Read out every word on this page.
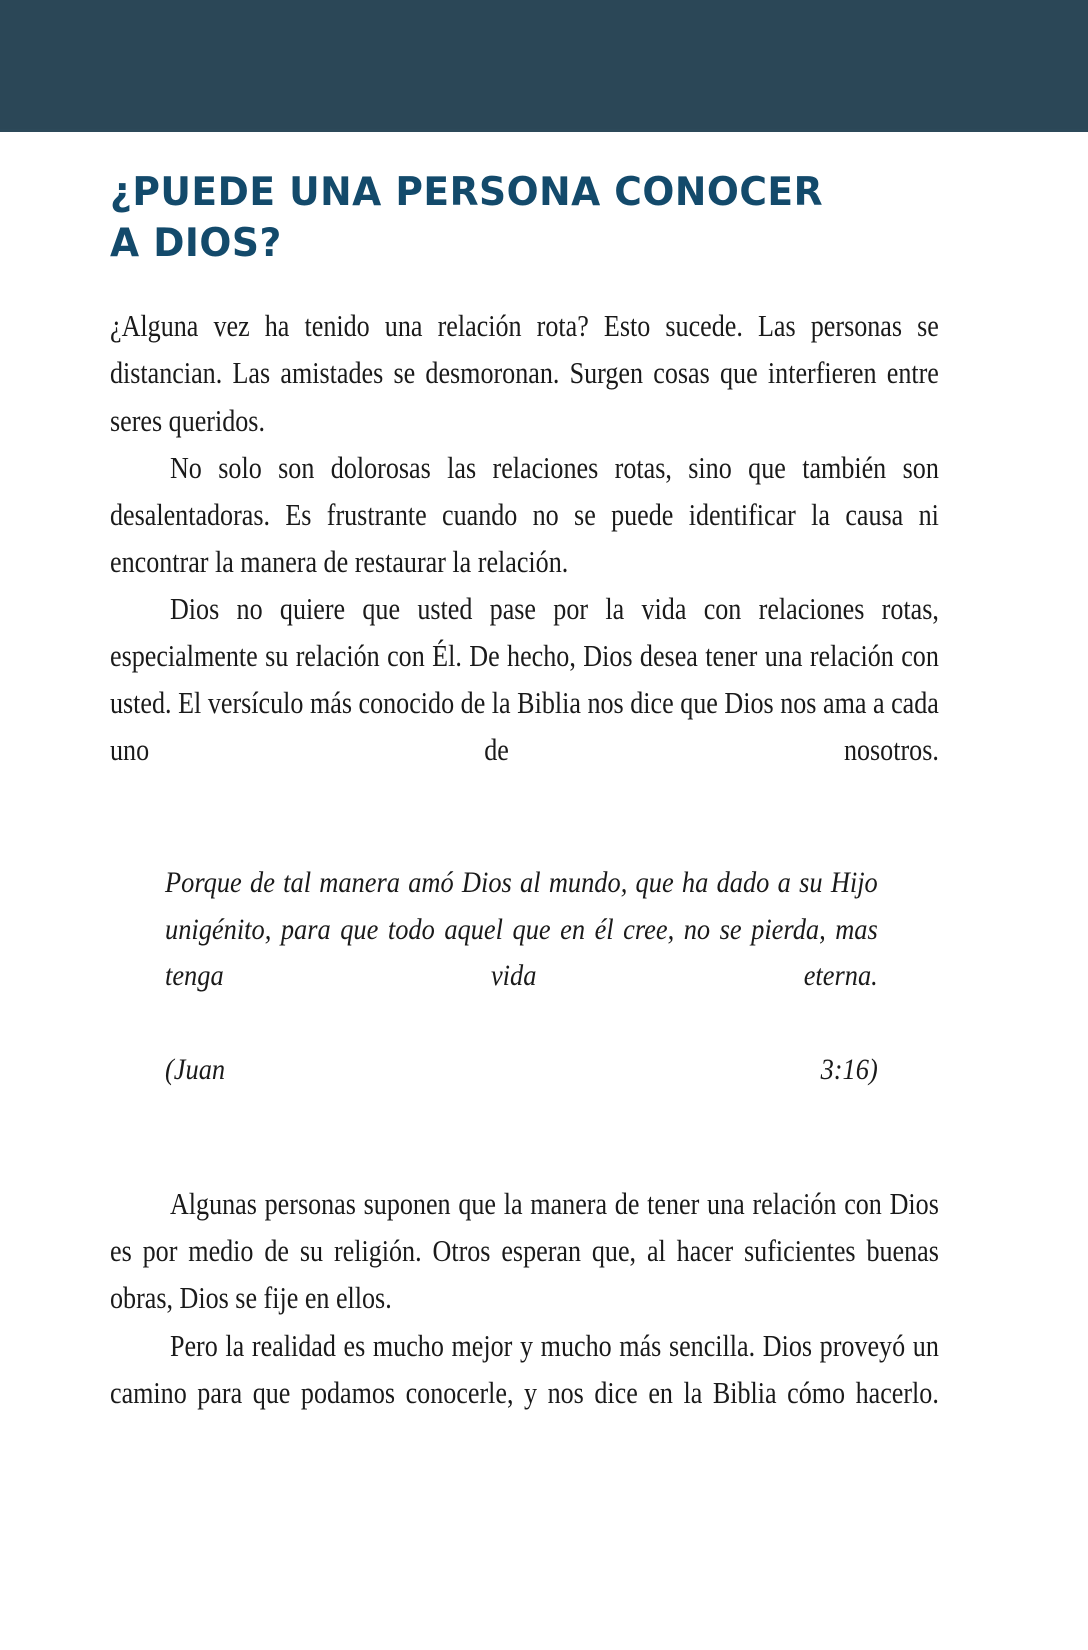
¿PUEDE UNA PERSONA CONOCER
A DIOS?

¿Alguna vez ha tenido una relación rota? Esto sucede. Las personas se distancian. Las amistades se desmoronan. Surgen cosas que interfieren entre seres queridos.

No solo son dolorosas las relaciones rotas, sino que también son desalentadoras. Es frustrante cuando no se puede identificar la causa ni encontrar la manera de restaurar la relación.

Dios no quiere que usted pase por la vida con relaciones rotas, especialmente su relación con Él. De hecho, Dios desea tener una relación con usted. El versículo más conocido de la Biblia nos dice que Dios nos ama a cada uno de nosotros.

Porque de tal manera amó Dios al mundo, que ha dado a su Hijo unigénito, para que todo aquel que en él cree, no se pierda, mas tenga vida eterna.

(Juan 3:16)

Algunas personas suponen que la manera de tener una relación con Dios es por medio de su religión. Otros esperan que, al hacer suficientes buenas obras, Dios se fije en ellos.

Pero la realidad es mucho mejor y mucho más sencilla. Dios proveyó un camino para que podamos conocerle, y nos dice en la Biblia cómo hacerlo.
